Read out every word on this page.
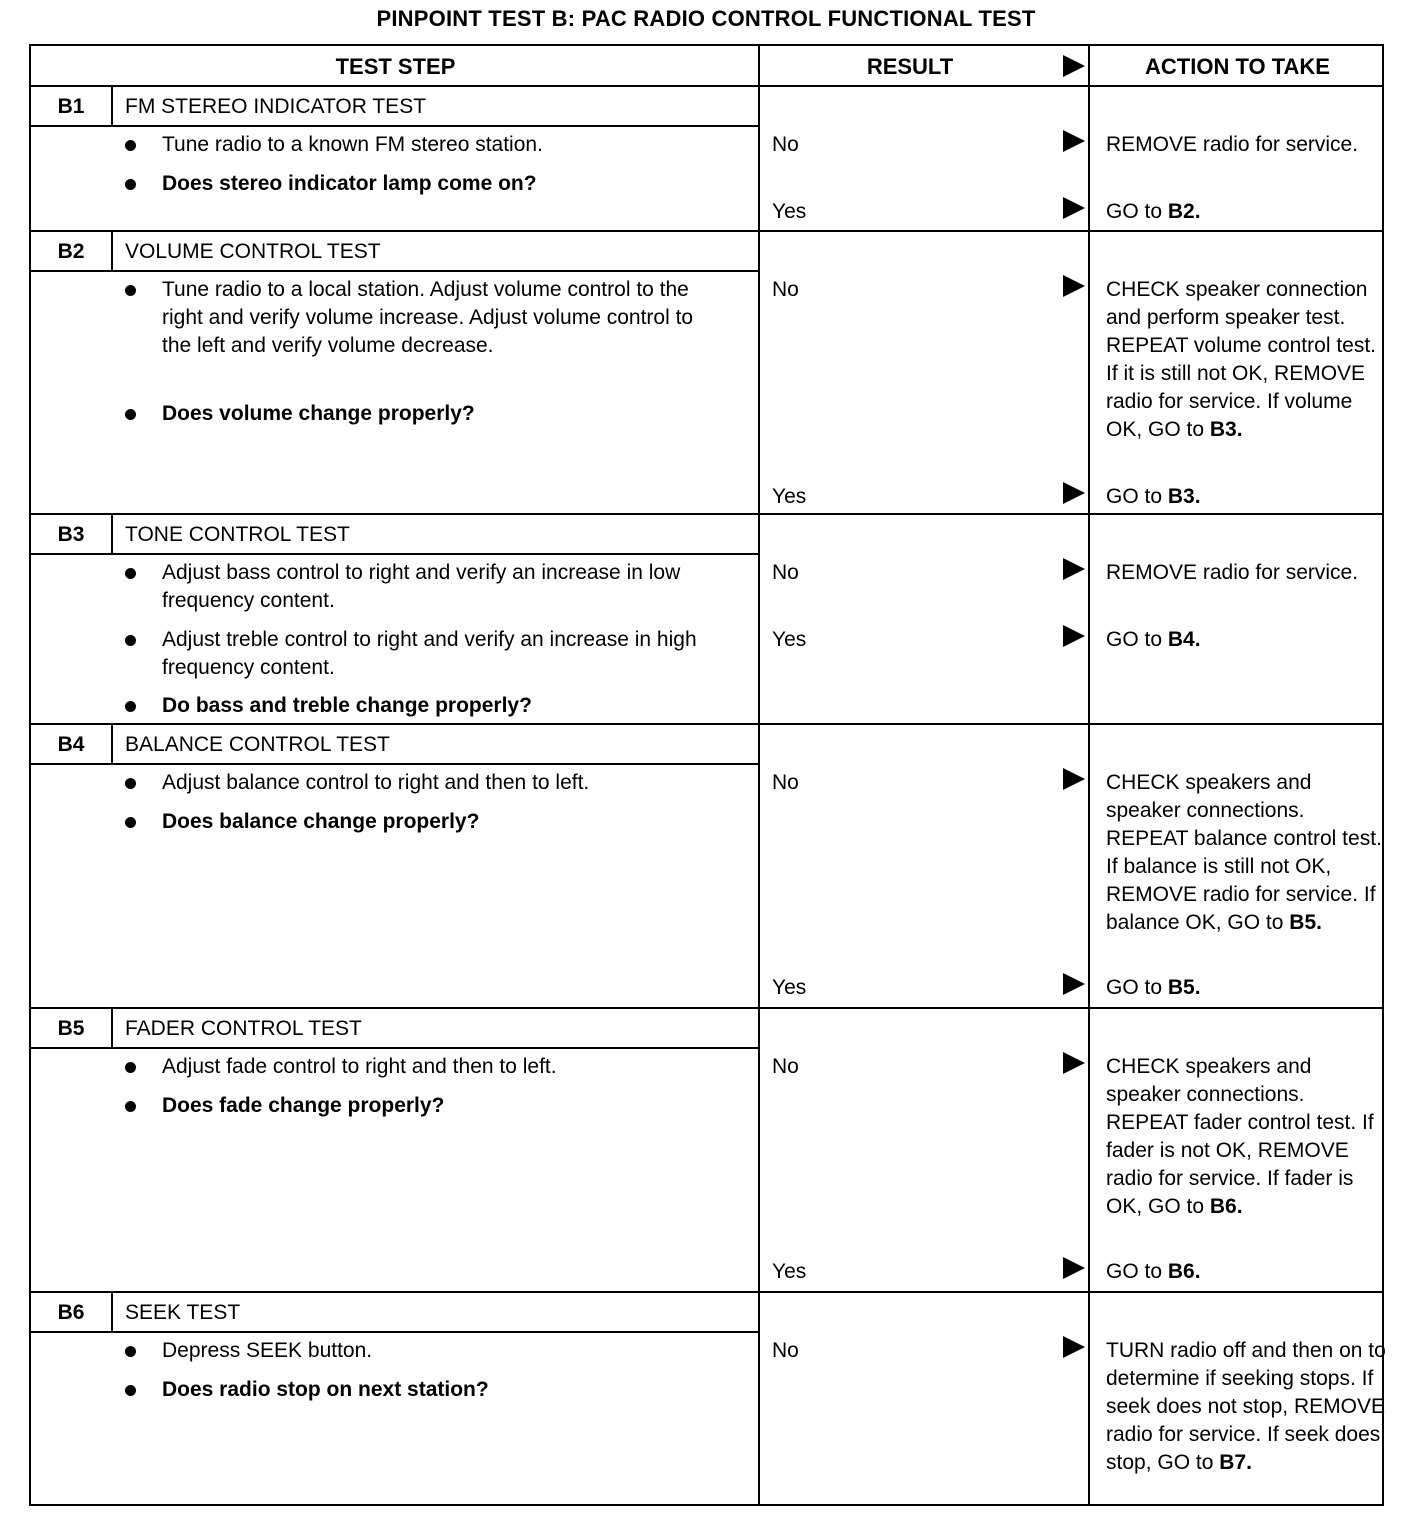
PINPOINT TEST B: PAC RADIO CONTROL FUNCTIONAL TEST
TEST STEP	RESULT	ACTION TO TAKE
B1	FM STEREO INDICATOR TEST
Tune radio to a known FM stereo station.
Does stereo indicator lamp come on?
No	REMOVE radio for service.
Yes	GO to B2.
B2	VOLUME CONTROL TEST
Tune radio to a local station. Adjust volume control to the right and verify volume increase. Adjust volume control to the left and verify volume decrease.
Does volume change properly?
No	CHECK speaker connection and perform speaker test. REPEAT volume control test. If it is still not OK, REMOVE radio for service. If volume OK, GO to B3.
Yes	GO to B3.
B3	TONE CONTROL TEST
Adjust bass control to right and verify an increase in low frequency content.
Adjust treble control to right and verify an increase in high frequency content.
Do bass and treble change properly?
No	REMOVE radio for service.
Yes	GO to B4.
B4	BALANCE CONTROL TEST
Adjust balance control to right and then to left.
Does balance change properly?
No	CHECK speakers and speaker connections. REPEAT balance control test. If balance is still not OK, REMOVE radio for service. If balance OK, GO to B5.
Yes	GO to B5.
B5	FADER CONTROL TEST
Adjust fade control to right and then to left.
Does fade change properly?
No	CHECK speakers and speaker connections. REPEAT fader control test. If fader is not OK, REMOVE radio for service. If fader is OK, GO to B6.
Yes	GO to B6.
B6	SEEK TEST
Depress SEEK button.
Does radio stop on next station?
No	TURN radio off and then on to determine if seeking stops. If seek does not stop, REMOVE radio for service. If seek does stop, GO to B7.
